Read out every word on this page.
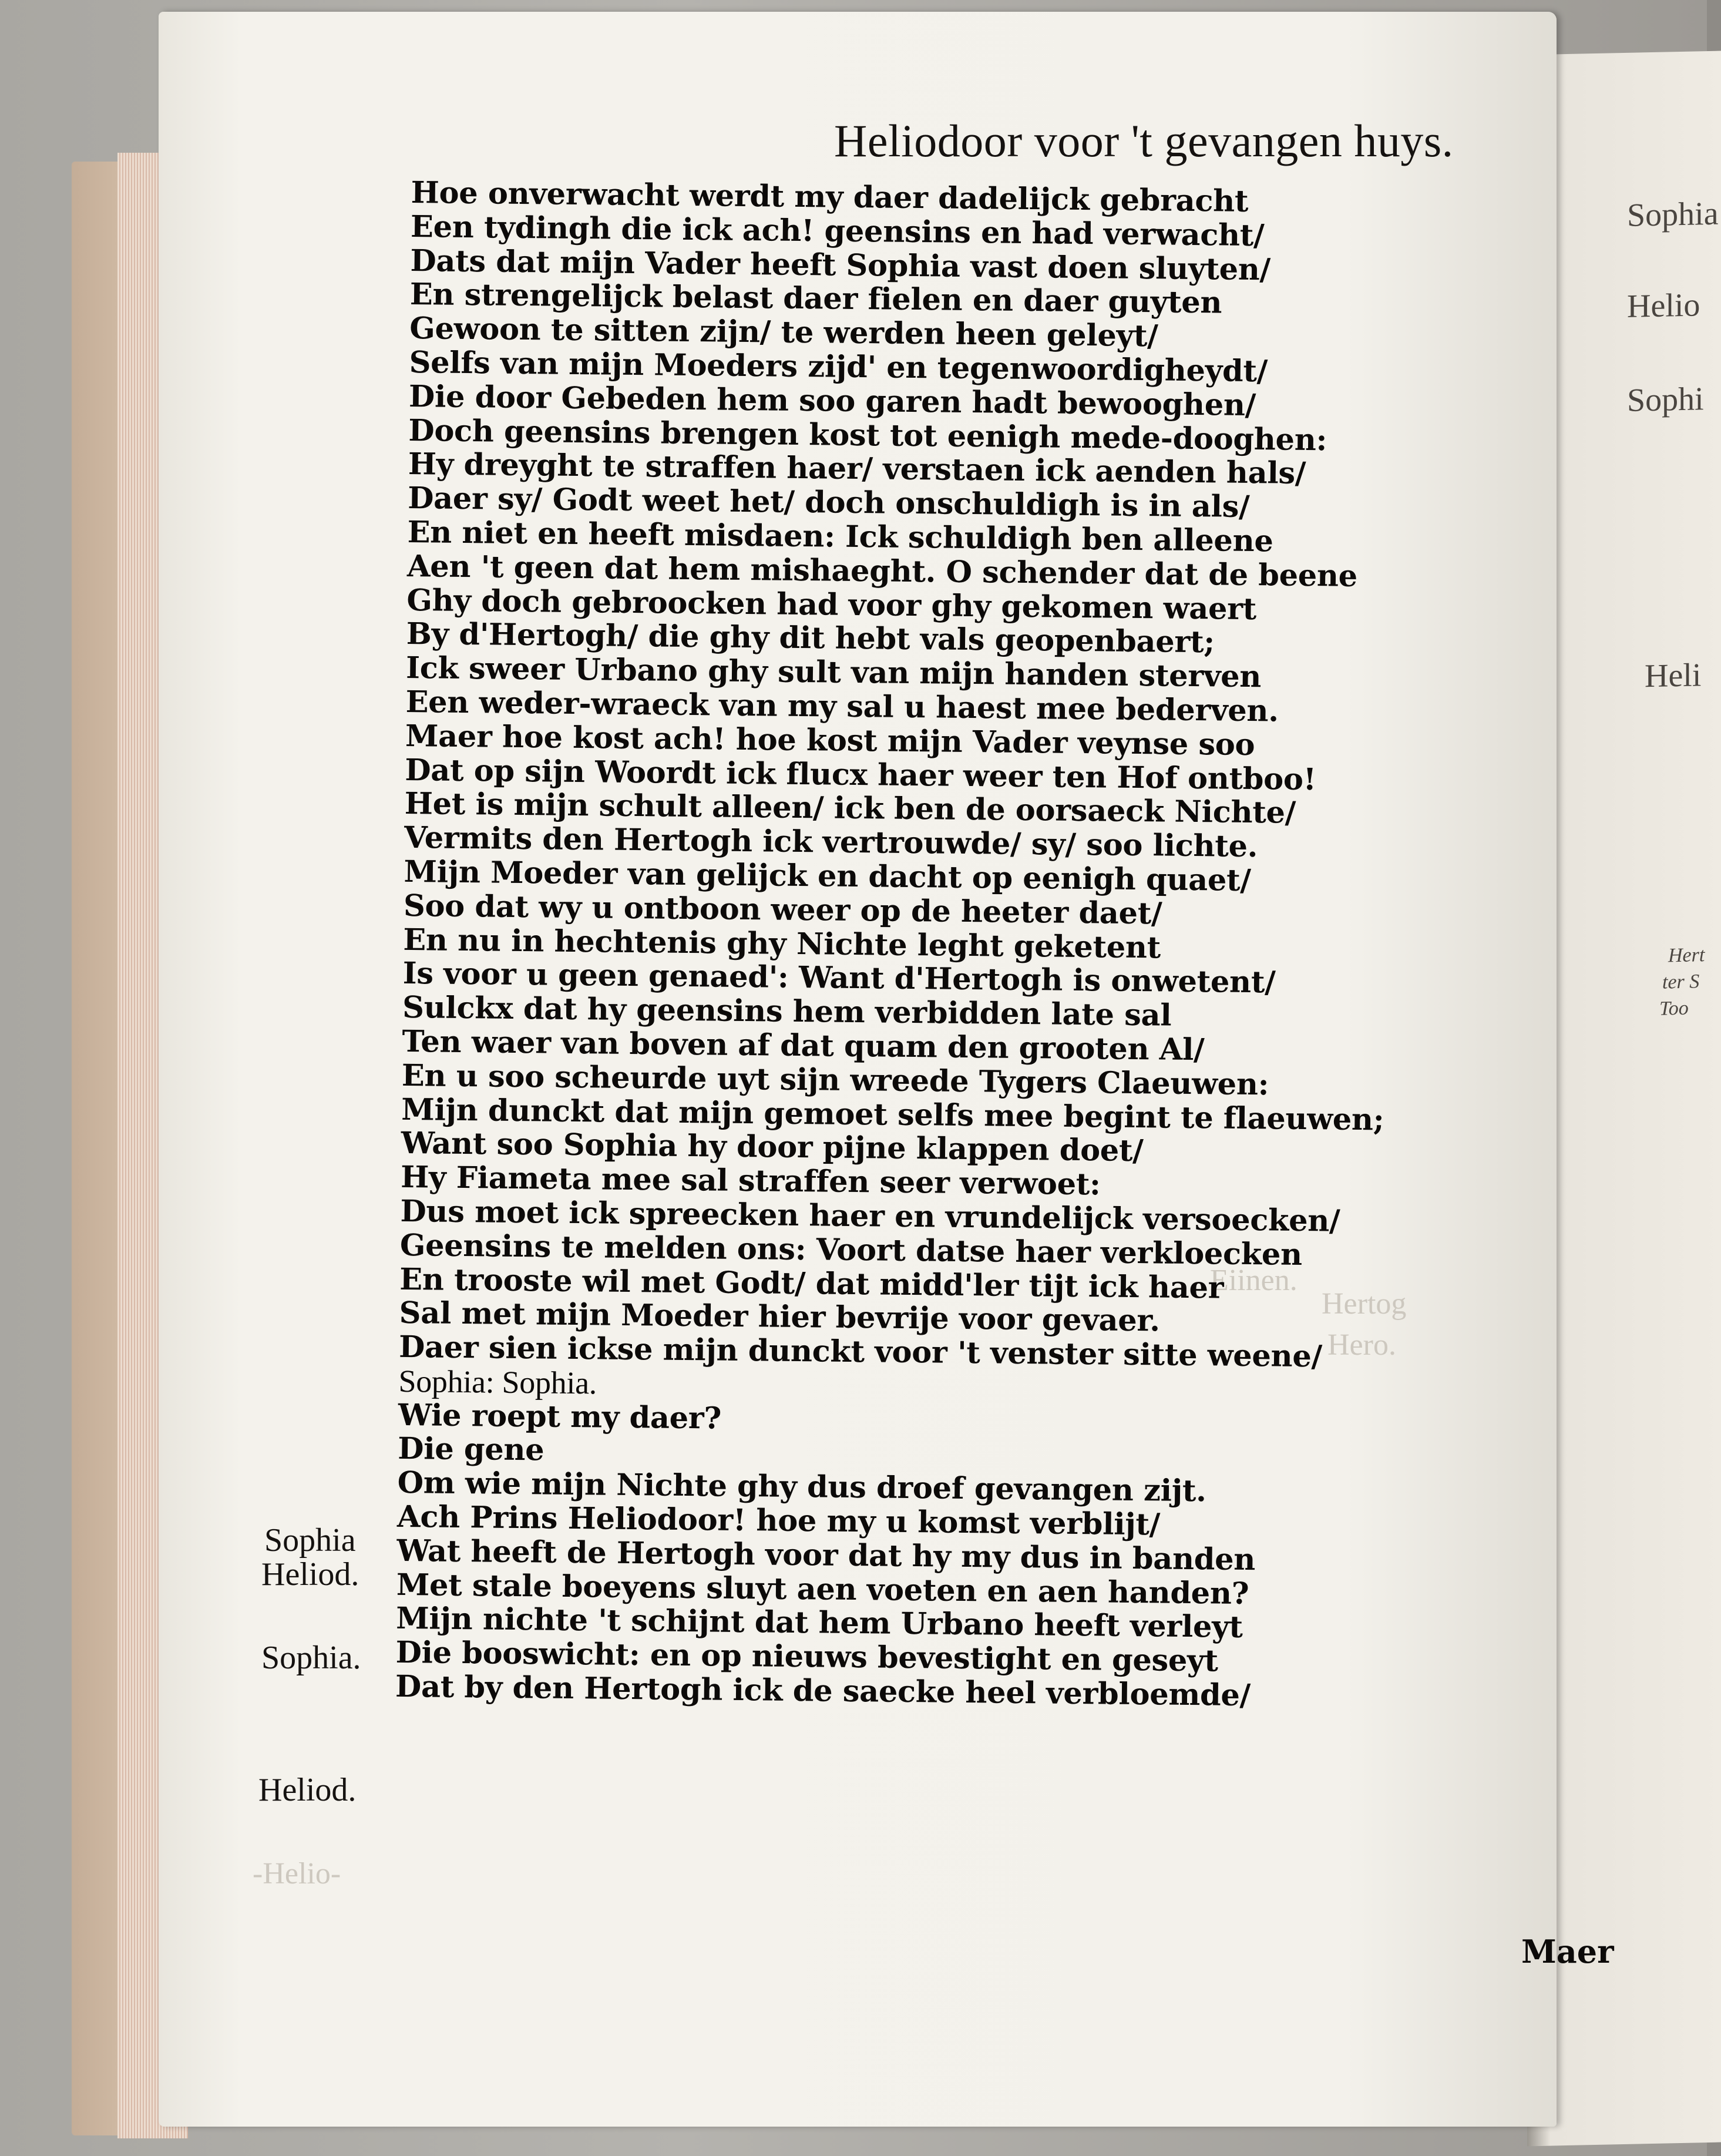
Sophia
Helio
Sophi
Heli
Hert
ter S
Too
Eiinen.
Hertog
Hero.
-Helio-
Heliodoor voor 't gevangen huys.
Hoe onverwacht werdt my daer dadelijck gebracht
Een tydingh die ick ach! geensins en had verwacht/
Dats dat mijn Vader heeft Sophia vast doen sluyten/
En strengelijck belast daer fielen en daer guyten
Gewoon te sitten zijn/ te werden heen geleyt/
Selfs van mijn Moeders zijd' en tegenwoordigheydt/
Die door Gebeden hem soo garen hadt bewooghen/
Doch geensins brengen kost tot eenigh mede-dooghen:
Hy dreyght te straffen haer/ verstaen ick aenden hals/
Daer sy/ Godt weet het/ doch onschuldigh is in als/
En niet en heeft misdaen: Ick schuldigh ben alleene
Aen 't geen dat hem mishaeght. O schender dat de beene
Ghy doch gebroocken had voor ghy gekomen waert
By d'Hertogh/ die ghy dit hebt vals geopenbaert;
Ick sweer Urbano ghy sult van mijn handen sterven
Een weder-wraeck van my sal u haest mee bederven.
Maer hoe kost ach! hoe kost mijn Vader veynse soo
Dat op sijn Woordt ick flucx haer weer ten Hof ontboo!
Het is mijn schult alleen/ ick ben de oorsaeck Nichte/
Vermits den Hertogh ick vertrouwde/ sy/ soo lichte.
Mijn Moeder van gelijck en dacht op eenigh quaet/
Soo dat wy u ontboon weer op de heeter daet/
En nu in hechtenis ghy Nichte leght geketent
Is voor u geen genaed': Want d'Hertogh is onwetent/
Sulckx dat hy geensins hem verbidden late sal
Ten waer van boven af dat quam den grooten Al/
En u soo scheurde uyt sijn wreede Tygers Claeuwen:
Mijn dunckt dat mijn gemoet selfs mee begint te flaeuwen;
Want soo Sophia hy door pijne klappen doet/
Hy Fiameta mee sal straffen seer verwoet:
Dus moet ick spreecken haer en vrundelijck versoecken/
Geensins te melden ons: Voort datse haer verkloecken
En trooste wil met Godt/ dat midd'ler tijt ick haer
Sal met mijn Moeder hier bevrije voor gevaer.
Daer sien ickse mijn dunckt voor 't venster sitte weene/
Sophia: Sophia.
Wie roept my daer?
Die gene
Om wie mijn Nichte ghy dus droef gevangen zijt.
Ach Prins Heliodoor! hoe my u komst verblijt/
Wat heeft de Hertogh voor dat hy my dus in banden
Met stale boeyens sluyt aen voeten en aen handen?
Mijn nichte 't schijnt dat hem Urbano heeft verleyt
Die booswicht: en op nieuws bevestight en geseyt
Dat by den Hertogh ick de saecke heel verbloemde/
Sophia
Heliod.
Sophia.
Heliod.
Maer
